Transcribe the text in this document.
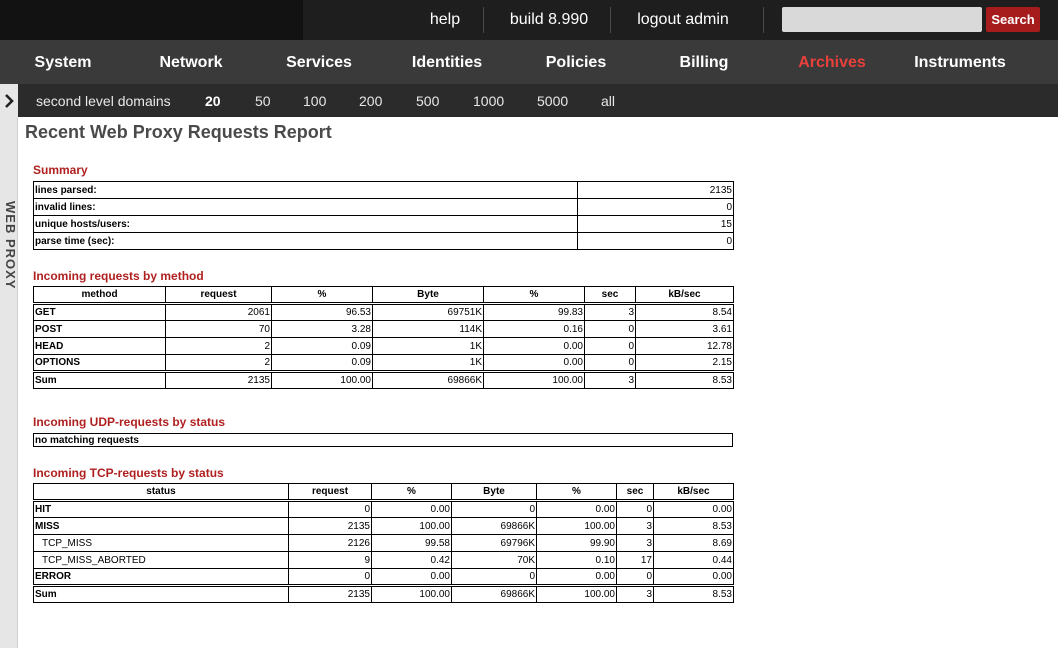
help	build 8.990	logout admin	Search
System	Network	Services	Identities	Policies	Billing	Archives	Instruments
second level domains 20 50 100 200 500 1000 5000 all
WEB PROXY
Recent Web Proxy Requests Report
Summary
lines parsed:	2135
invalid lines:	0
unique hosts/users:	15
parse time (sec):	0
Incoming requests by method
method	request	%	Byte	%	sec	kB/sec
GET	2061	96.53	69751K	99.83	3	8.54
POST	70	3.28	114K	0.16	0	3.61
HEAD	2	0.09	1K	0.00	0	12.78
OPTIONS	2	0.09	1K	0.00	0	2.15
Sum	2135	100.00	69866K	100.00	3	8.53
Incoming UDP-requests by status
no matching requests
Incoming TCP-requests by status
status	request	%	Byte	%	sec	kB/sec
HIT	0	0.00	0	0.00	0	0.00
MISS	2135	100.00	69866K	100.00	3	8.53
TCP_MISS	2126	99.58	69796K	99.90	3	8.69
TCP_MISS_ABORTED	9	0.42	70K	0.10	17	0.44
ERROR	0	0.00	0	0.00	0	0.00
Sum	2135	100.00	69866K	100.00	3	8.53
